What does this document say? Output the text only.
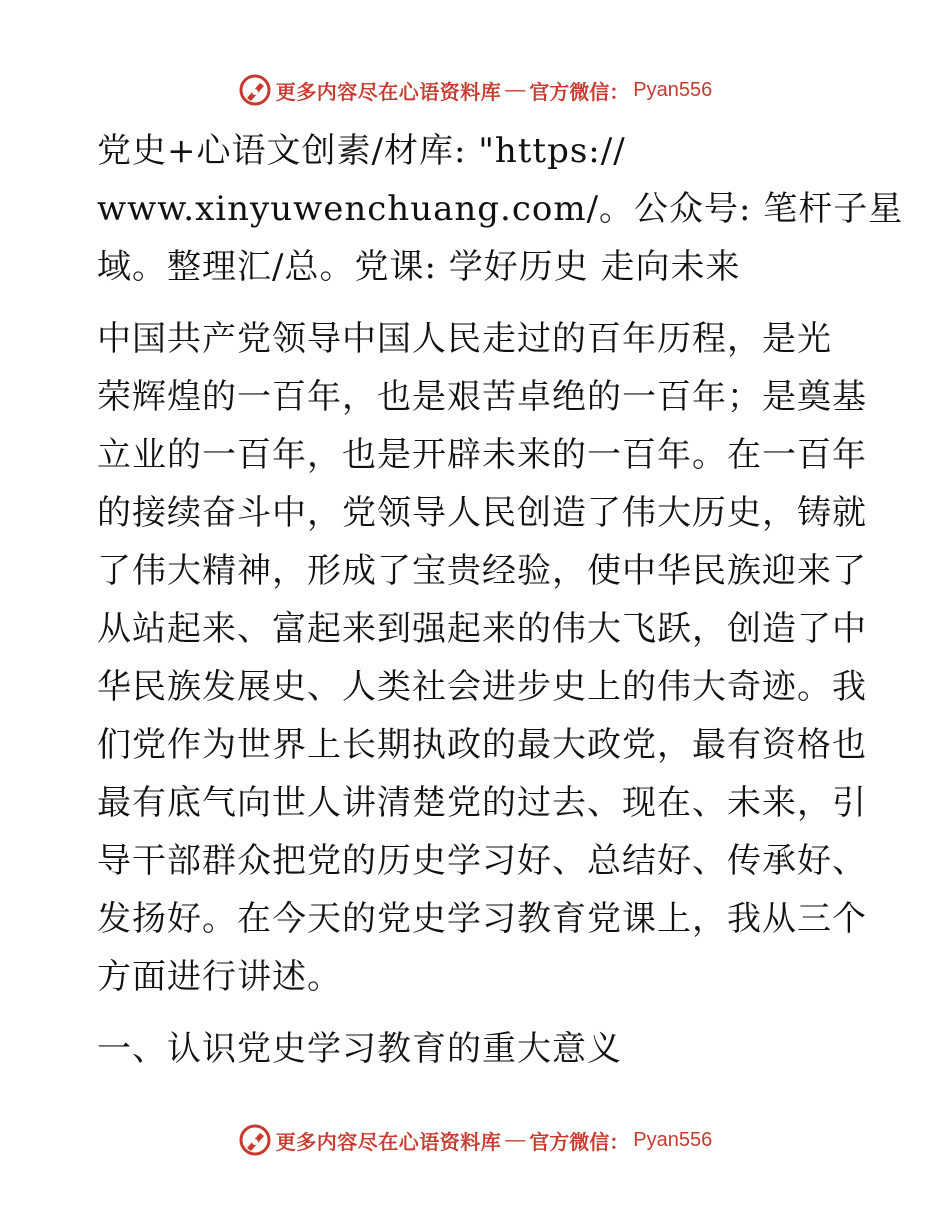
更多内容尽在心语资料库 — 官方微信： Pyan556
党史+心语文创素/材库: "https://
www.xinyuwenchuang.com/。公众号: 笔杆子星
域。整理汇/总。党课: 学好历史 走向未来
中国共产党领导中国人民走过的百年历程，是光
荣辉煌的一百年，也是艰苦卓绝的一百年；是奠基
立业的一百年，也是开辟未来的一百年。在一百年
的接续奋斗中，党领导人民创造了伟大历史，铸就
了伟大精神，形成了宝贵经验，使中华民族迎来了
从站起来、富起来到强起来的伟大飞跃，创造了中
华民族发展史、人类社会进步史上的伟大奇迹。我
们党作为世界上长期执政的最大政党，最有资格也
最有底气向世人讲清楚党的过去、现在、未来，引
导干部群众把党的历史学习好、总结好、传承好、
发扬好。在今天的党史学习教育党课上，我从三个
方面进行讲述。
一、认识党史学习教育的重大意义
更多内容尽在心语资料库 — 官方微信： Pyan556
